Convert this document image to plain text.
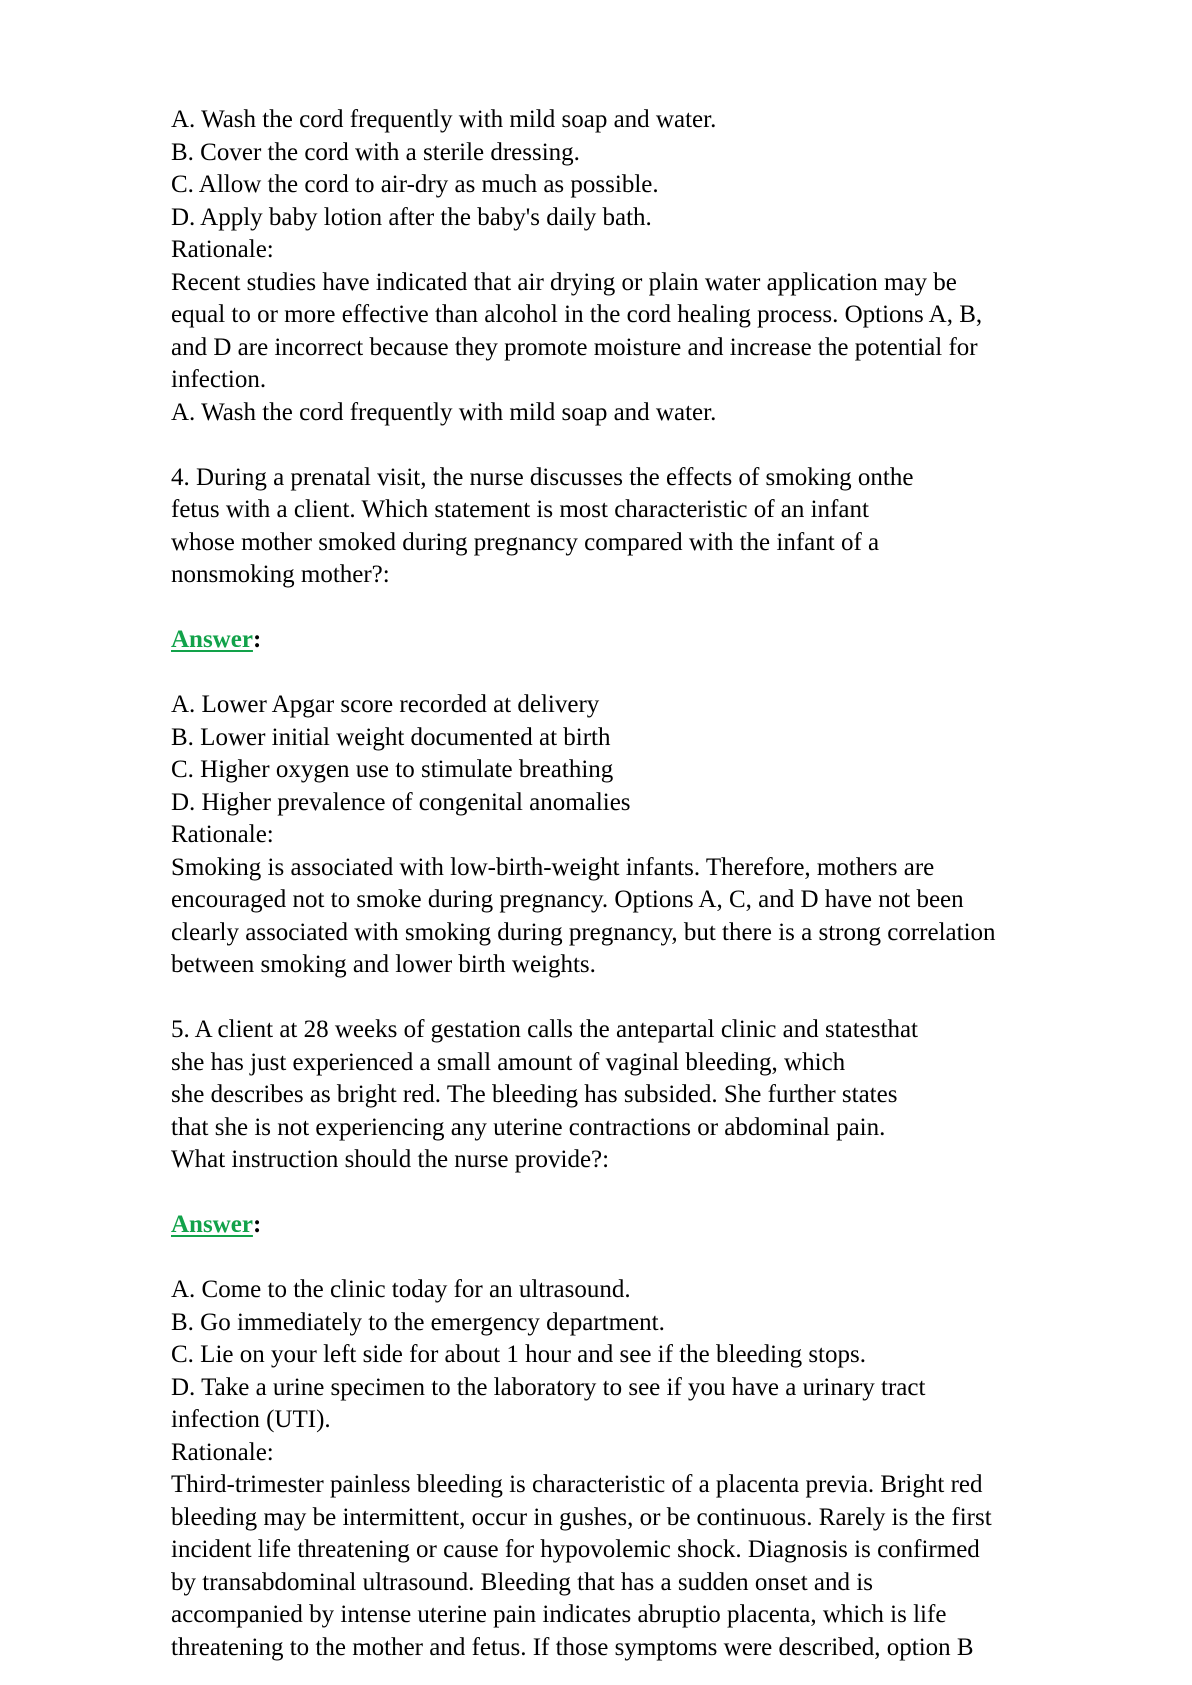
A. Wash the cord frequently with mild soap and water.
B. Cover the cord with a sterile dressing.
C. Allow the cord to air-dry as much as possible.
D. Apply baby lotion after the baby's daily bath.
Rationale:
Recent studies have indicated that air drying or plain water application may be
equal to or more effective than alcohol in the cord healing process. Options A, B,
and D are incorrect because they promote moisture and increase the potential for
infection.
A. Wash the cord frequently with mild soap and water.
4. During a prenatal visit, the nurse discusses the effects of smoking onthe
fetus with a client. Which statement is most characteristic of an infant
whose mother smoked during pregnancy compared with the infant of a
nonsmoking mother?:
Answer:
A. Lower Apgar score recorded at delivery
B. Lower initial weight documented at birth
C. Higher oxygen use to stimulate breathing
D. Higher prevalence of congenital anomalies
Rationale:
Smoking is associated with low-birth-weight infants. Therefore, mothers are
encouraged not to smoke during pregnancy. Options A, C, and D have not been
clearly associated with smoking during pregnancy, but there is a strong correlation
between smoking and lower birth weights.
5. A client at 28 weeks of gestation calls the antepartal clinic and statesthat
she has just experienced a small amount of vaginal bleeding, which
she describes as bright red. The bleeding has subsided. She further states
that she is not experiencing any uterine contractions or abdominal pain.
What instruction should the nurse provide?:
Answer:
A. Come to the clinic today for an ultrasound.
B. Go immediately to the emergency department.
C. Lie on your left side for about 1 hour and see if the bleeding stops.
D. Take a urine specimen to the laboratory to see if you have a urinary tract
infection (UTI).
Rationale:
Third-trimester painless bleeding is characteristic of a placenta previa. Bright red
bleeding may be intermittent, occur in gushes, or be continuous. Rarely is the first
incident life threatening or cause for hypovolemic shock. Diagnosis is confirmed
by transabdominal ultrasound. Bleeding that has a sudden onset and is
accompanied by intense uterine pain indicates abruptio placenta, which is life
threatening to the mother and fetus. If those symptoms were described, option B
